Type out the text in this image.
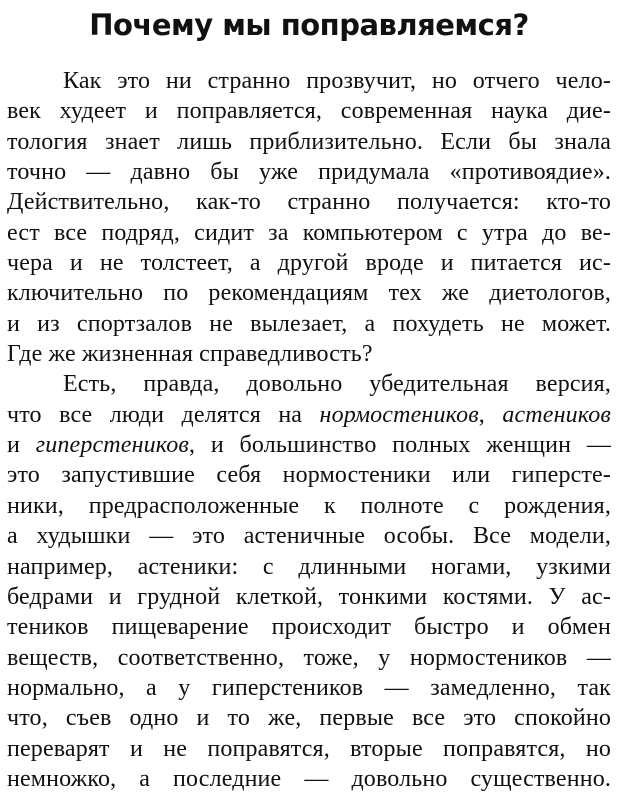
Почему мы поправляемся?
Как это ни странно прозвучит, но отчего чело-
век худеет и поправляется, современная наука дие-
тология знает лишь приблизительно. Если бы знала
точно — давно бы уже придумала «противоядие».
Действительно, как-то странно получается: кто-то
ест все подряд, сидит за компьютером с утра до ве-
чера и не толстеет, а другой вроде и питается ис-
ключительно по рекомендациям тех же диетологов,
и из спортзалов не вылезает, а похудеть не может.
Где же жизненная справедливость?
Есть, правда, довольно убедительная версия,
что все люди делятся на нормостеников, астеников
и гиперстеников, и большинство полных женщин —
это запустившие себя нормостеники или гиперсте-
ники, предрасположенные к полноте с рождения,
а худышки — это астеничные особы. Все модели,
например, астеники: с длинными ногами, узкими
бедрами и грудной клеткой, тонкими костями. У ас-
теников пищеварение происходит быстро и обмен
веществ, соответственно, тоже, у нормостеников —
нормально, а у гиперстеников — замедленно, так
что, съев одно и то же, первые все это спокойно
переварят и не поправятся, вторые поправятся, но
немножко, а последние — довольно существенно.
